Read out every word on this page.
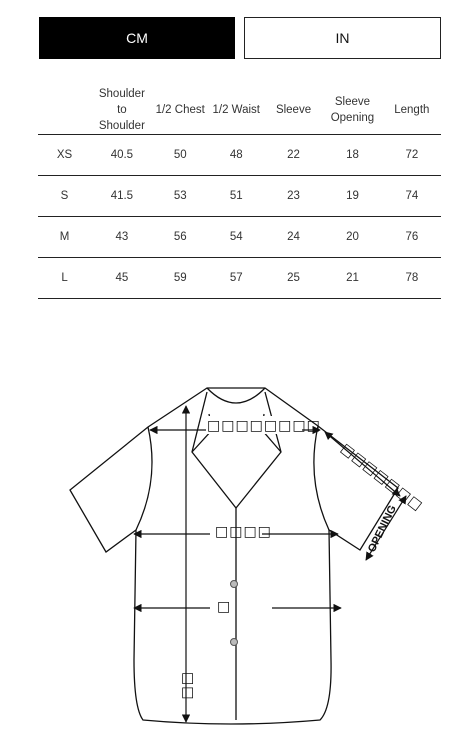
CM	IN
	Shoulder to Shoulder	1/2 Chest	1/2 Waist	Sleeve	Sleeve Opening	Length
XS	40.5	50	48	22	18	72
S	41.5	53	51	23	19	74
M	43	56	54	24	20	76
L	45	59	57	25	21	78
□□□□□□□□
□□□□□□□
□□□□
□
□□
OPENING
